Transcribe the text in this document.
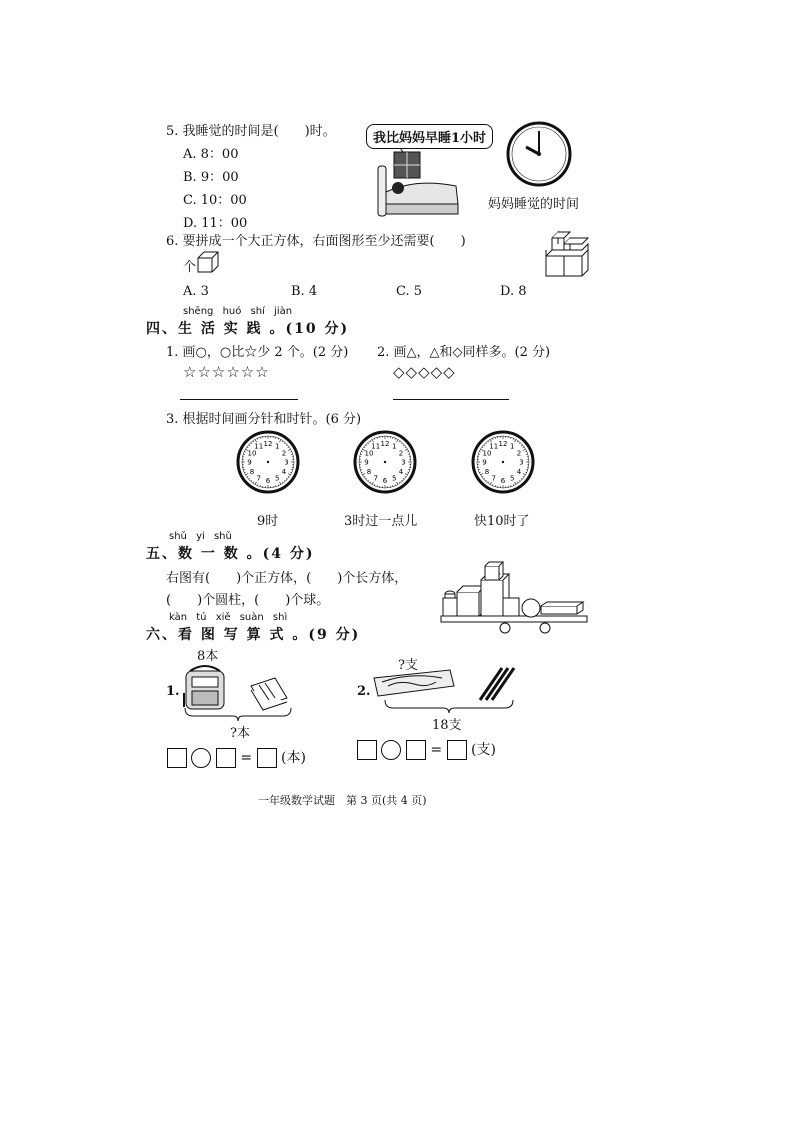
5. 我睡觉的时间是(　　)时。
A. 8：00
B. 9：00
C. 10：00
D. 11：00
我比妈妈早睡1小时
妈妈睡觉的时间
6. 要拼成一个大正方体，右面图形至少还需要(　　)
个
A. 3	B. 4	C. 5	D. 8
shēng huó shí jiàn
四、生 活 实 践 。(10 分)
1. 画○，○比☆少 2 个。(2 分) 2. 画△，△和◇同样多。(2 分)
☆☆☆☆☆☆	◇◇◇◇◇
3. 根据时间画分针和时针。(6 分)
1
2
3
4
5
6
7
8
9
10
11 12	1
2
3
4
5
6
7
8
9
10
11 12	1
2
3
4
5
6
7
8
9
10
11 12
9时	3时过一点儿	快10时了
shǔ yi shǔ
五、数 一 数 。(4 分)
右图有(　　)个正方体，(　　)个长方体，
(　　)个圆柱，(　　)个球。
kàn tú xiě suàn shì
六、看 图 写 算 式 。(9 分)
8本
1.
?本
= (本)
?支
2.
18支
= (支)
一年级数学试题　第 3 页(共 4 页)
